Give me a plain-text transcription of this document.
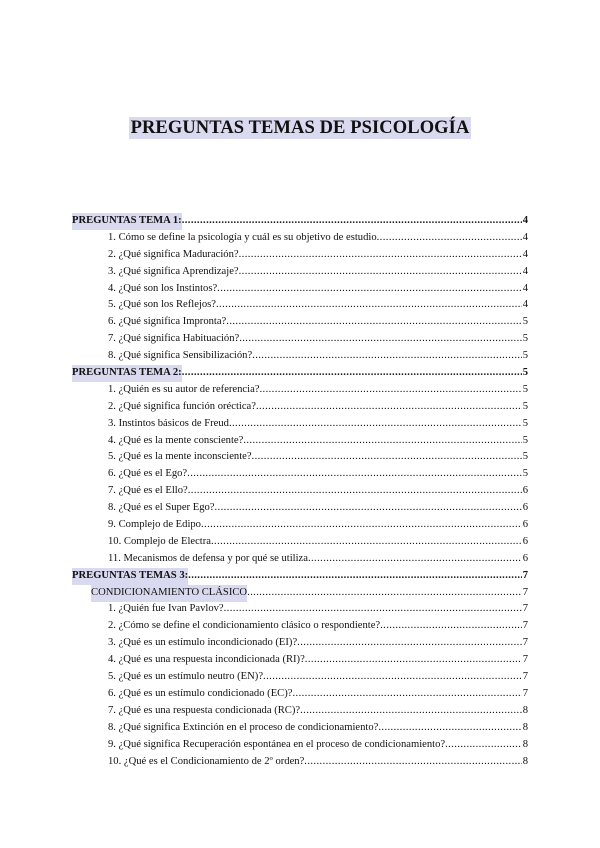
PREGUNTAS TEMAS DE PSICOLOGÍA
PREGUNTAS TEMA 1: .....	4
1. Cómo se define la psicología y cuál es su objetivo de estudio .....	4
2. ¿Qué significa Maduración? .....	4
3. ¿Qué significa Aprendizaje? .....	4
4. ¿Qué son los Instintos? .....	4
5. ¿Qué son los Reflejos? .....	4
6. ¿Qué significa Impronta? .....	5
7. ¿Qué significa Habituación? .....	5
8. ¿Qué significa Sensibilización? .....	5
PREGUNTAS TEMA 2: .....	5
1. ¿Quién es su autor de referencia? .....	5
2. ¿Qué significa función oréctica? .....	5
3. Instintos básicos de Freud .....	5
4. ¿Qué es la mente consciente? .....	5
5. ¿Qué es la mente inconsciente? .....	5
6. ¿Qué es el Ego? .....	5
7. ¿Qué es el Ello? .....	6
8. ¿Qué es el Super Ego? .....	6
9. Complejo de Edipo .....	6
10. Complejo de Electra .....	6
11. Mecanismos de defensa y por qué se utiliza .....	6
PREGUNTAS TEMAS 3: .....	7
CONDICIONAMIENTO CLÁSICO .....	7
1. ¿Quién fue Ivan Pavlov? .....	7
2. ¿Cómo se define el condicionamiento clásico o respondiente? .....	7
3. ¿Qué es un estímulo incondicionado (EI)? .....	7
4. ¿Qué es una respuesta incondicionada (RI)? .....	7
5. ¿Qué es un estímulo neutro (EN)? .....	7
6. ¿Qué es un estímulo condicionado (EC)? .....	7
7. ¿Qué es una respuesta condicionada (RC)? .....	8
8. ¿Qué significa Extinción en el proceso de condicionamiento? .....	8
9. ¿Qué significa Recuperación espontánea en el proceso de condicionamiento? .....	8
10. ¿Qué es el Condicionamiento de 2º orden? .....	8
